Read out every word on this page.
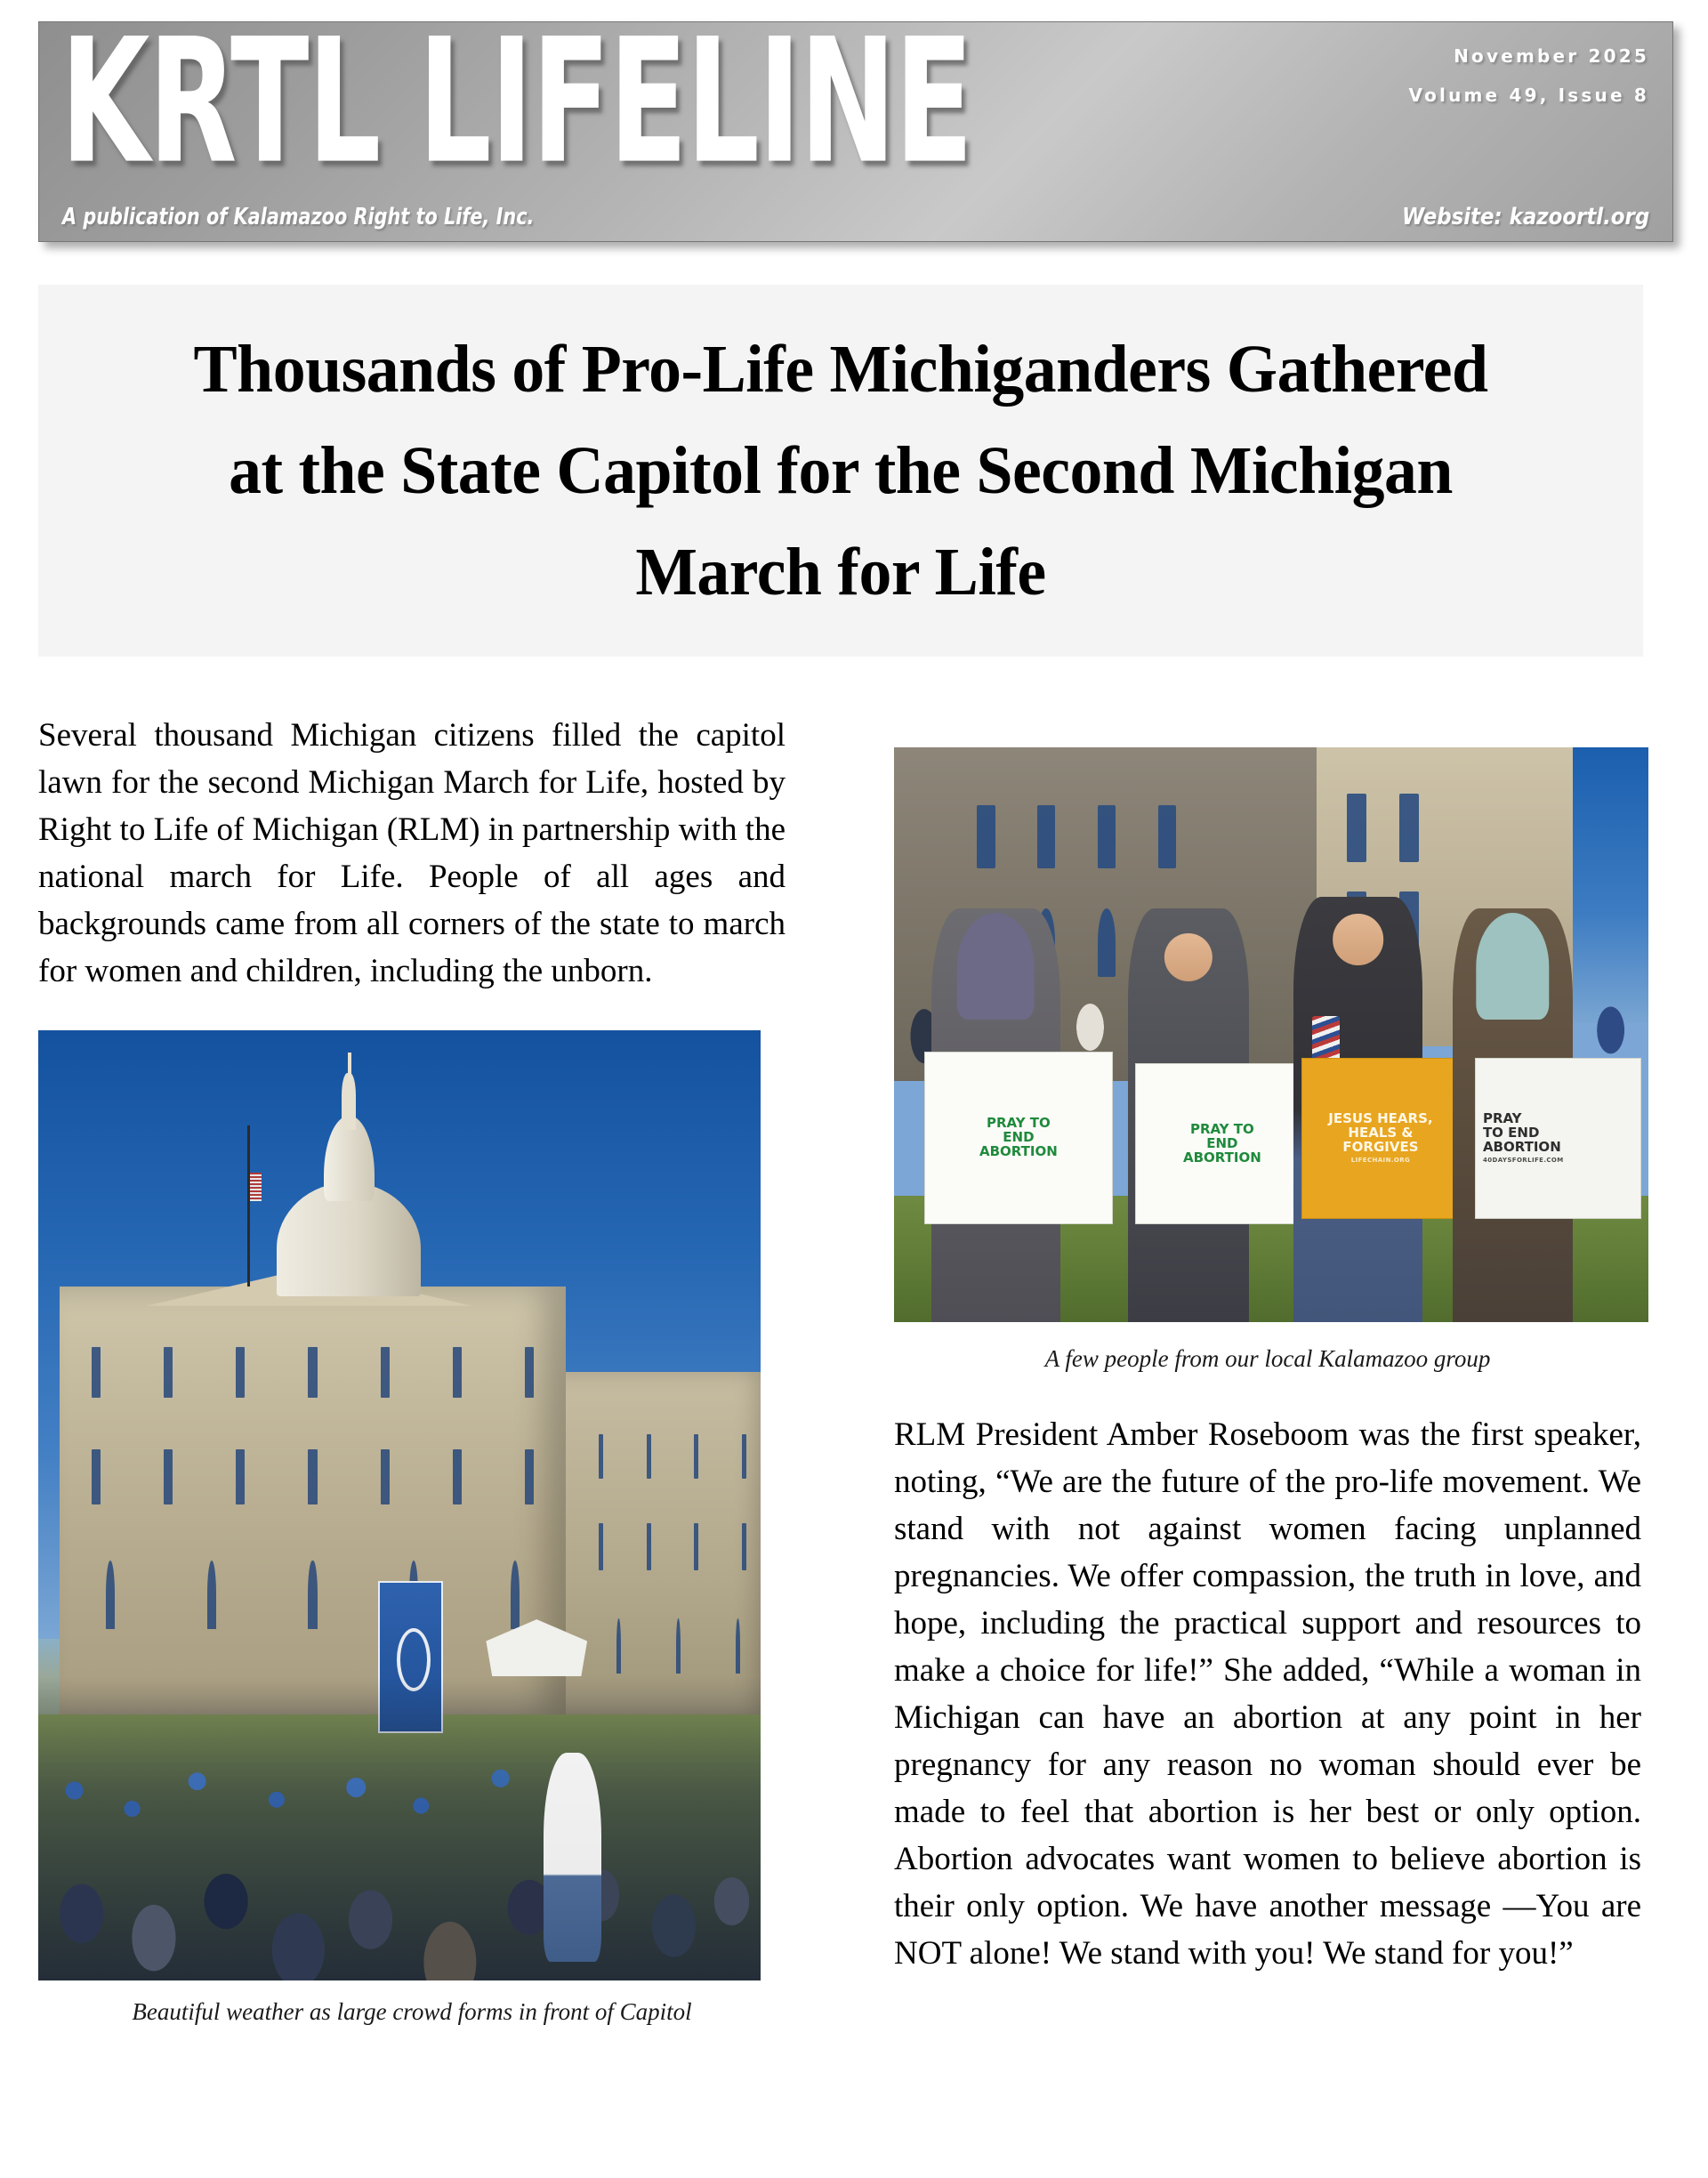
KRTL LIFELINE	November 2025
Volume 49, Issue 8
A publication of Kalamazoo Right to Life, Inc.	Website: kazoortl.org
Thousands of Pro-Life Michiganders Gathered at the State Capitol for the Second Michigan March for Life

Several thousand Michigan citizens filled the capitol lawn for the second Michigan March for Life, hosted by Right to Life of Michigan (RLM) in partnership with the national march for Life. People of all ages and backgrounds came from all corners of the state to march for women and children, including the unborn.

Beautiful weather as large crowd forms in front of Capitol

PRAY TO
END
ABORTION
PRAY TO
END
ABORTION
JESUS HEARS,
HEALS &
FORGIVES
LIFECHAIN.ORG
PRAY
TO END
ABORTION
40DAYSFORLIFE.COM

A few people from our local Kalamazoo group

RLM President Amber Roseboom was the first speaker, noting, “We are the future of the pro-life movement. We stand with not against women facing unplanned pregnancies. We offer compassion, the truth in love, and hope, including the practical support and resources to make a choice for life!” She added, “While a woman in Michigan can have an abortion at any point in her pregnancy for any reason no woman should ever be made to feel that abortion is her best or only option. Abortion advocates want women to believe abortion is their only option. We have another message —You are NOT alone! We stand with you! We stand for you!”
